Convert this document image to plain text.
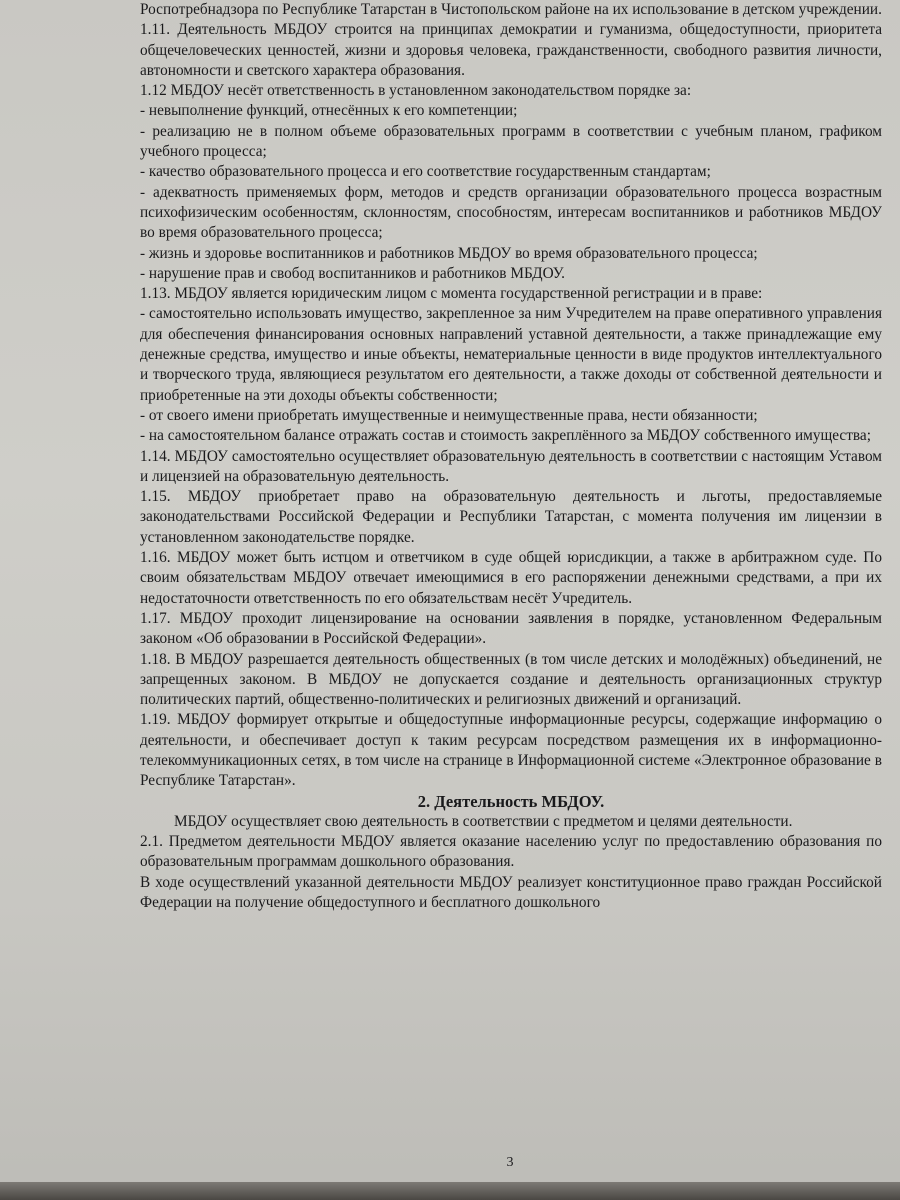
Роспотребнадзора по Республике Татарстан в Чистопольском районе на их использование в детском учреждении.

1.11. Деятельность МБДОУ строится на принципах демократии и гуманизма, общедоступности, приоритета общечеловеческих ценностей, жизни и здоровья человека, гражданственности, свободного развития личности, автономности и светского характера образования.

1.12 МБДОУ несёт ответственность в установленном законодательством порядке за:

- невыполнение функций, отнесённых к его компетенции;

- реализацию не в полном объеме образовательных программ в соответствии с учебным планом, графиком учебного процесса;

- качество образовательного процесса и его соответствие государственным стандартам;

- адекватность применяемых форм, методов и средств организации образовательного процесса возрастным психофизическим особенностям, склонностям, способностям, интересам воспитанников и работников МБДОУ во время образовательного процесса;

- жизнь и здоровье воспитанников и работников МБДОУ во время образовательного процесса;

- нарушение прав и свобод воспитанников и работников МБДОУ.

1.13. МБДОУ является юридическим лицом с момента государственной регистрации и в праве:

- самостоятельно использовать имущество, закрепленное за ним Учредителем на праве оперативного управления для обеспечения финансирования основных направлений уставной деятельности, а также принадлежащие ему денежные средства, имущество и иные объекты, нематериальные ценности в виде продуктов интеллектуального и творческого труда, являющиеся результатом его деятельности, а также доходы от собственной деятельности и приобретенные на эти доходы объекты собственности;

- от своего имени приобретать имущественные и неимущественные права, нести обязанности;

- на самостоятельном балансе отражать состав и стоимость закреплённого за МБДОУ собственного имущества;

1.14. МБДОУ самостоятельно осуществляет образовательную деятельность в соответствии с настоящим Уставом и лицензией на образовательную деятельность.

1.15. МБДОУ приобретает право на образовательную деятельность и льготы, предоставляемые законодательствами Российской Федерации и Республики Татарстан, с момента получения им лицензии в установленном законодательстве порядке.

1.16. МБДОУ может быть истцом и ответчиком в суде общей юрисдикции, а также в арбитражном суде. По своим обязательствам МБДОУ отвечает имеющимися в его распоряжении денежными средствами, а при их недостаточности ответственность по его обязательствам несёт Учредитель.

1.17. МБДОУ проходит лицензирование на основании заявления в порядке, установленном Федеральным законом «Об образовании в Российской Федерации».

1.18. В МБДОУ разрешается деятельность общественных (в том числе детских и молодёжных) объединений, не запрещенных законом. В МБДОУ не допускается создание и деятельность организационных структур политических партий, общественно-политических и религиозных движений и организаций.

1.19. МБДОУ формирует открытые и общедоступные информационные ресурсы, содержащие информацию о деятельности, и обеспечивает доступ к таким ресурсам посредством размещения их в информационно-телекоммуникационных сетях, в том числе на странице в Информационной системе «Электронное образование в Республике Татарстан».

2. Деятельность МБДОУ.

МБДОУ осуществляет свою деятельность в соответствии с предметом и целями деятельности.

2.1. Предметом деятельности МБДОУ является оказание населению услуг по предоставлению образования по образовательным программам дошкольного образования.

В ходе осуществлений указанной деятельности МБДОУ реализует конституционное право граждан Российской Федерации на получение общедоступного и бесплатного дошкольного

3
